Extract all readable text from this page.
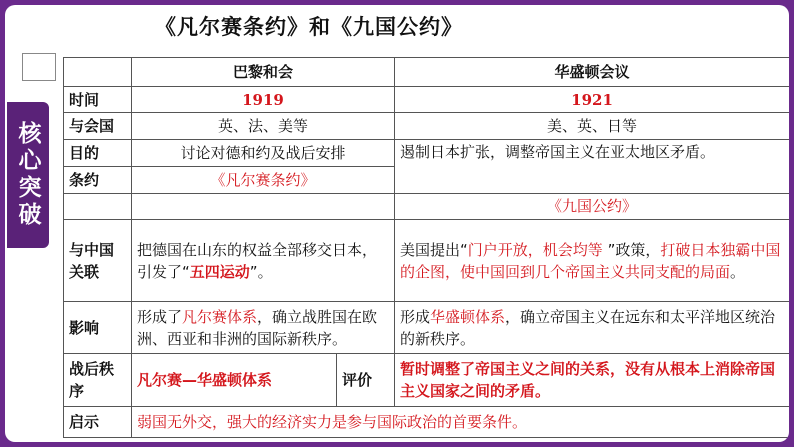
《凡尔赛条约》和《九国公约》
核心突破
	巴黎和会		华盛顿会议
时间	1919		1921
与会国	英、法、美等		美、英、日等
目的	讨论对德和约及战后安排		遏制日本扩张，调整帝国主义在亚太地区矛盾。
条约	《凡尔赛条约》		
			《九国公约》
与中国关联	把德国在山东的权益全部移交日本，引发了“五四运动”。		美国提出“门户开放，机会均等 ”政策，打破日本独霸中国的企图，使中国回到几个帝国主义共同支配的局面。
影响	形成了凡尔赛体系，确立战胜国在欧洲、西亚和非洲的国际新秩序。		形成华盛顿体系，确立帝国主义在远东和太平洋地区统治的新秩序。
战后秩序	凡尔赛—华盛顿体系	评价	暂时调整了帝国主义之间的关系，没有从根本上消除帝国主义国家之间的矛盾。
启示	弱国无外交，强大的经济实力是参与国际政治的首要条件。		
